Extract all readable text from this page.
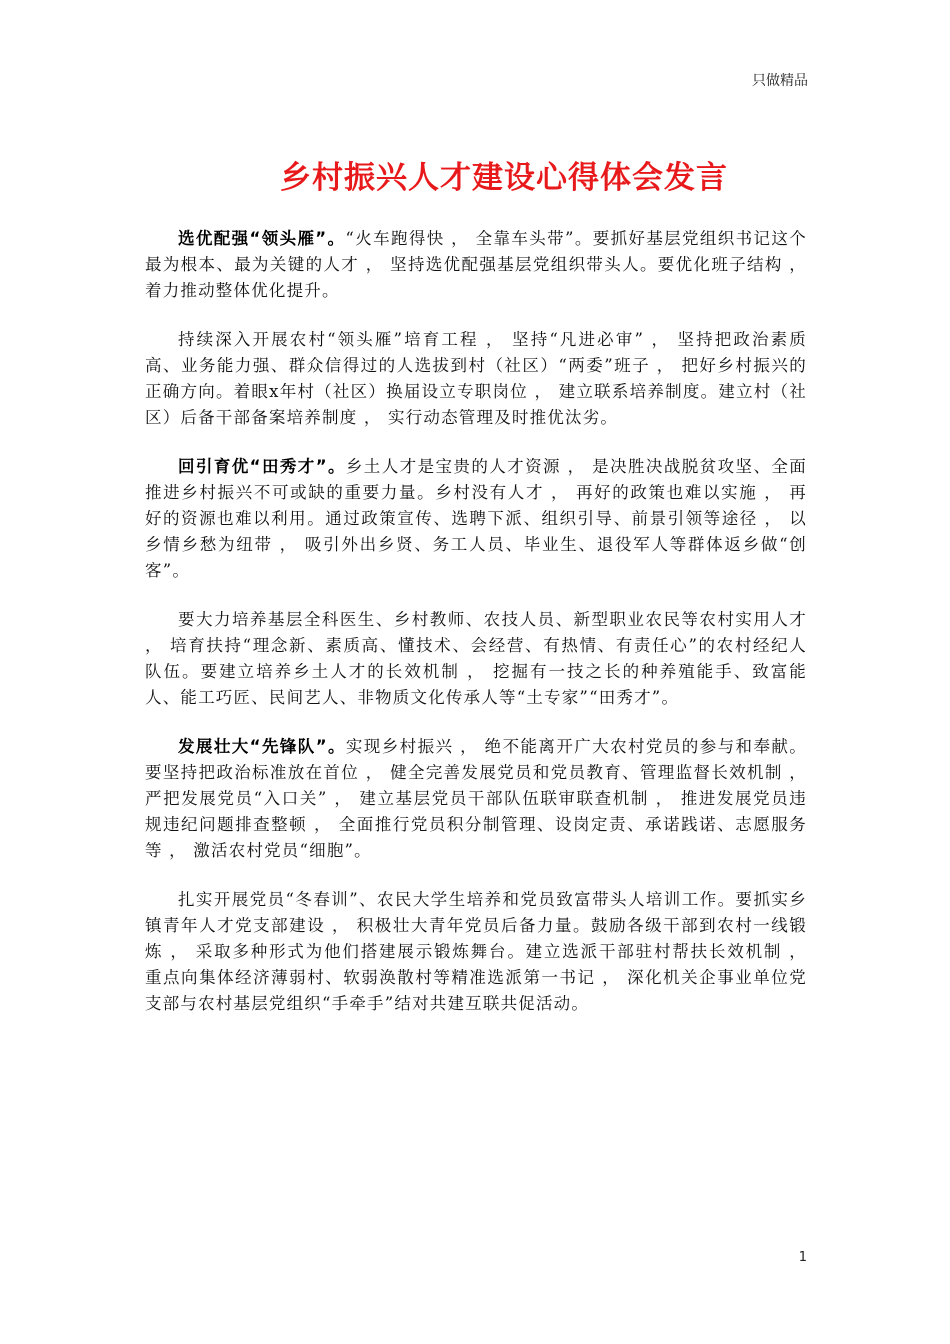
只做精品
乡村振兴人才建设心得体会发言

选优配强“领头雁”。“火车跑得快 ， 全靠车头带”。要抓好基层党组织书记这个最为根本、最为关键的人才 ， 坚持选优配强基层党组织带头人。要优化班子结构 ， 着力推动整体优化提升。

持续深入开展农村“领头雁”培育工程 ， 坚持“凡进必审” ， 坚持把政治素质高、业务能力强、群众信得过的人选拔到村（社区）“两委”班子 ， 把好乡村振兴的正确方向。着眼x年村（社区）换届设立专职岗位 ， 建立联系培养制度。建立村（社区）后备干部备案培养制度 ， 实行动态管理及时推优汰劣。

回引育优“田秀才”。乡土人才是宝贵的人才资源 ， 是决胜决战脱贫攻坚、全面推进乡村振兴不可或缺的重要力量。乡村没有人才 ， 再好的政策也难以实施 ， 再好的资源也难以利用。通过政策宣传、选聘下派、组织引导、前景引领等途径 ， 以乡情乡愁为纽带 ， 吸引外出乡贤、务工人员、毕业生、退役军人等群体返乡做“创客”。

要大力培养基层全科医生、乡村教师、农技人员、新型职业农民等农村实用人才 ， 培育扶持“理念新、素质高、懂技术、会经营、有热情、有责任心”的农村经纪人队伍。要建立培养乡土人才的长效机制 ， 挖掘有一技之长的种养殖能手、致富能人、能工巧匠、民间艺人、非物质文化传承人等“土专家”“田秀才”。

发展壮大“先锋队”。实现乡村振兴 ， 绝不能离开广大农村党员的参与和奉献。要坚持把政治标准放在首位 ， 健全完善发展党员和党员教育、管理监督长效机制 ， 严把发展党员“入口关” ， 建立基层党员干部队伍联审联查机制 ， 推进发展党员违规违纪问题排查整顿 ， 全面推行党员积分制管理、设岗定责、承诺践诺、志愿服务等 ， 激活农村党员“细胞”。

扎实开展党员“冬春训”、农民大学生培养和党员致富带头人培训工作。要抓实乡镇青年人才党支部建设 ， 积极壮大青年党员后备力量。鼓励各级干部到农村一线锻炼 ， 采取多种形式为他们搭建展示锻炼舞台。建立选派干部驻村帮扶长效机制 ， 重点向集体经济薄弱村、软弱涣散村等精准选派第一书记 ， 深化机关企事业单位党支部与农村基层党组织“手牵手”结对共建互联共促活动。

1
